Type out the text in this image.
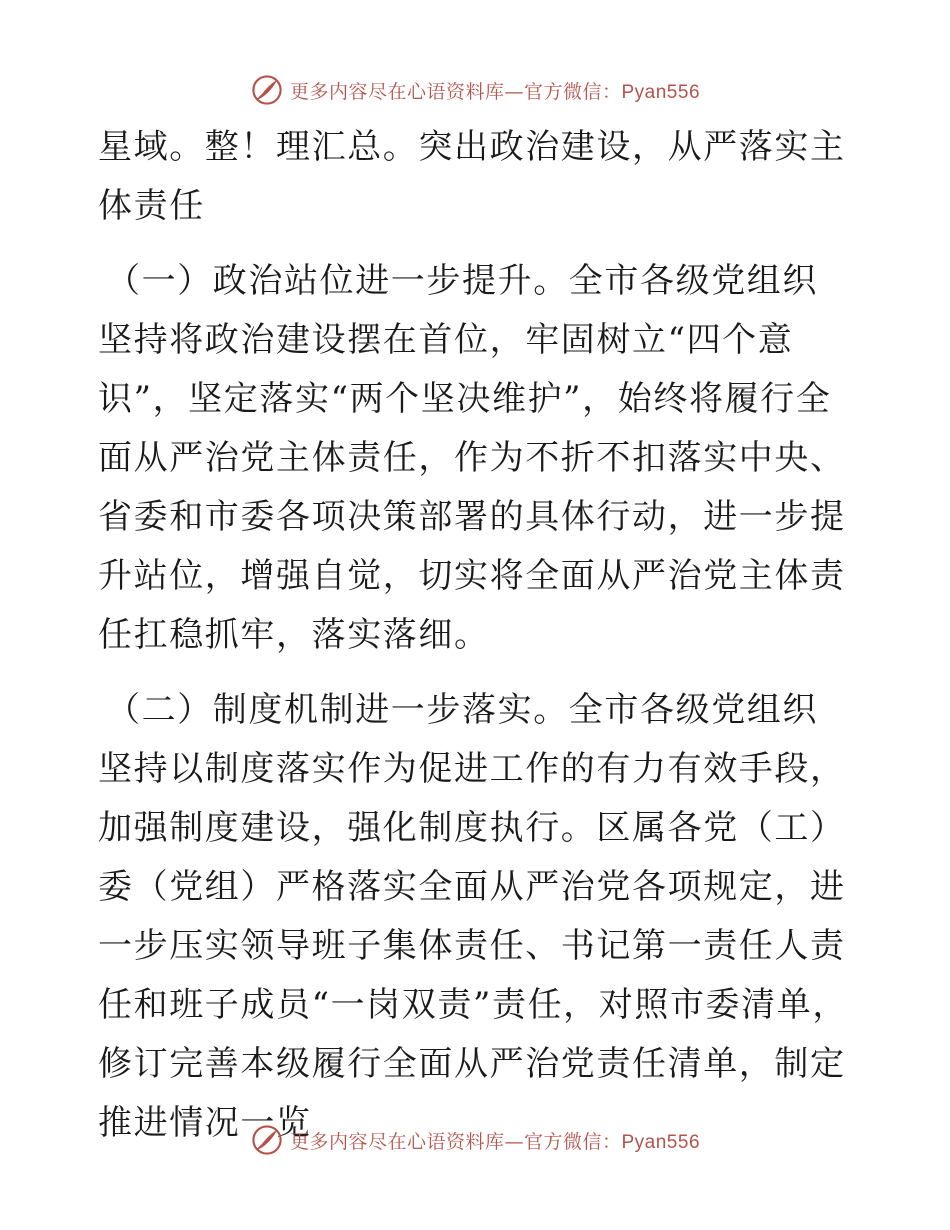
更多内容尽在心语资料库—官方微信：Pyan556

星域。整！理汇总。突出政治建设，从严落实主体责任

（一）政治站位进一步提升。全市各级党组织坚持将政治建设摆在首位，牢固树立“四个意识”，坚定落实“两个坚决维护”，始终将履行全面从严治党主体责任，作为不折不扣落实中央、省委和市委各项决策部署的具体行动，进一步提升站位，增强自觉，切实将全面从严治党主体责任扛稳抓牢，落实落细。

（二）制度机制进一步落实。全市各级党组织坚持以制度落实作为促进工作的有力有效手段，加强制度建设，强化制度执行。区属各党（工）委（党组）严格落实全面从严治党各项规定，进一步压实领导班子集体责任、书记第一责任人责任和班子成员“一岗双责”责任，对照市委清单，修订完善本级履行全面从严治党责任清单，制定推进情况一览

更多内容尽在心语资料库—官方微信：Pyan556
